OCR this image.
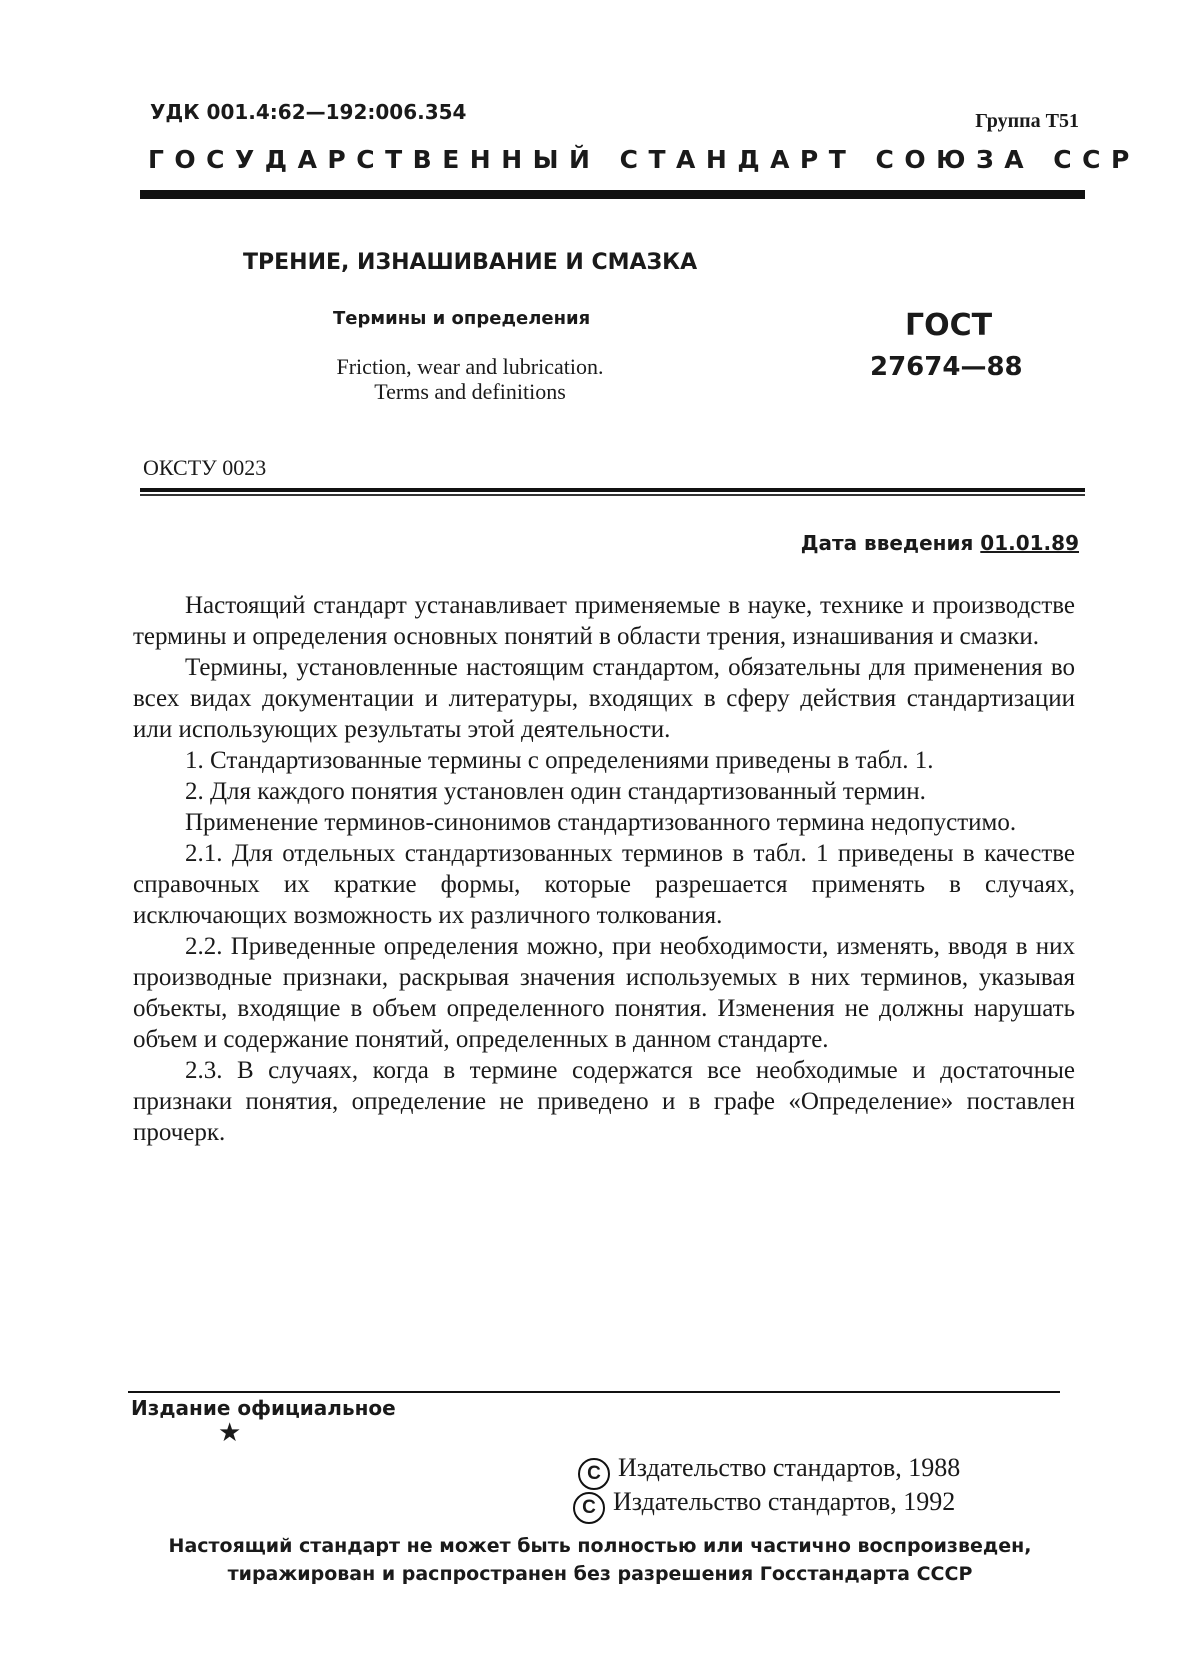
УДК 001.4:62—192:006.354	Группа Т51
ГОСУДАРСТВЕННЫЙ СТАНДАРТ СОЮЗА ССР
ТРЕНИЕ, ИЗНАШИВАНИЕ И СМАЗКА
Термины и определения
Friction, wear and lubrication.
Terms and definitions
ГОСТ
27674—88
ОКСТУ 0023
Дата введения 01.01.89

Настоящий стандарт устанавливает применяемые в науке, технике и производстве термины и определения основных понятий в области трения, изнашивания и смазки.

Термины, установленные настоящим стандартом, обязательны для применения во всех видах документации и литературы, входящих в сферу действия стандартизации или использующих результаты этой деятельности.

1. Стандартизованные термины с определениями приведены в табл. 1.

2. Для каждого понятия установлен один стандартизованный термин.

Применение терминов-синонимов стандартизованного термина недопустимо.

2.1. Для отдельных стандартизованных терминов в табл. 1 приведены в качестве справочных их краткие формы, которые разрешается применять в случаях, исключающих возможность их различного толкования.

2.2. Приведенные определения можно, при необходимости, изменять, вводя в них производные признаки, раскрывая значения используемых в них терминов, указывая объекты, входящие в объем определенного понятия. Изменения не должны нарушать объем и содержание понятий, определенных в данном стандарте.

2.3. В случаях, когда в термине содержатся все необходимые и достаточные признаки понятия, определение не приведено и в графе «Определение» поставлен прочерк.

Издание официальное
★
C Издательство стандартов, 1988
C Издательство стандартов, 1992
Настоящий стандарт не может быть полностью или частично воспроизведен,
тиражирован и распространен без разрешения Госстандарта СССР
